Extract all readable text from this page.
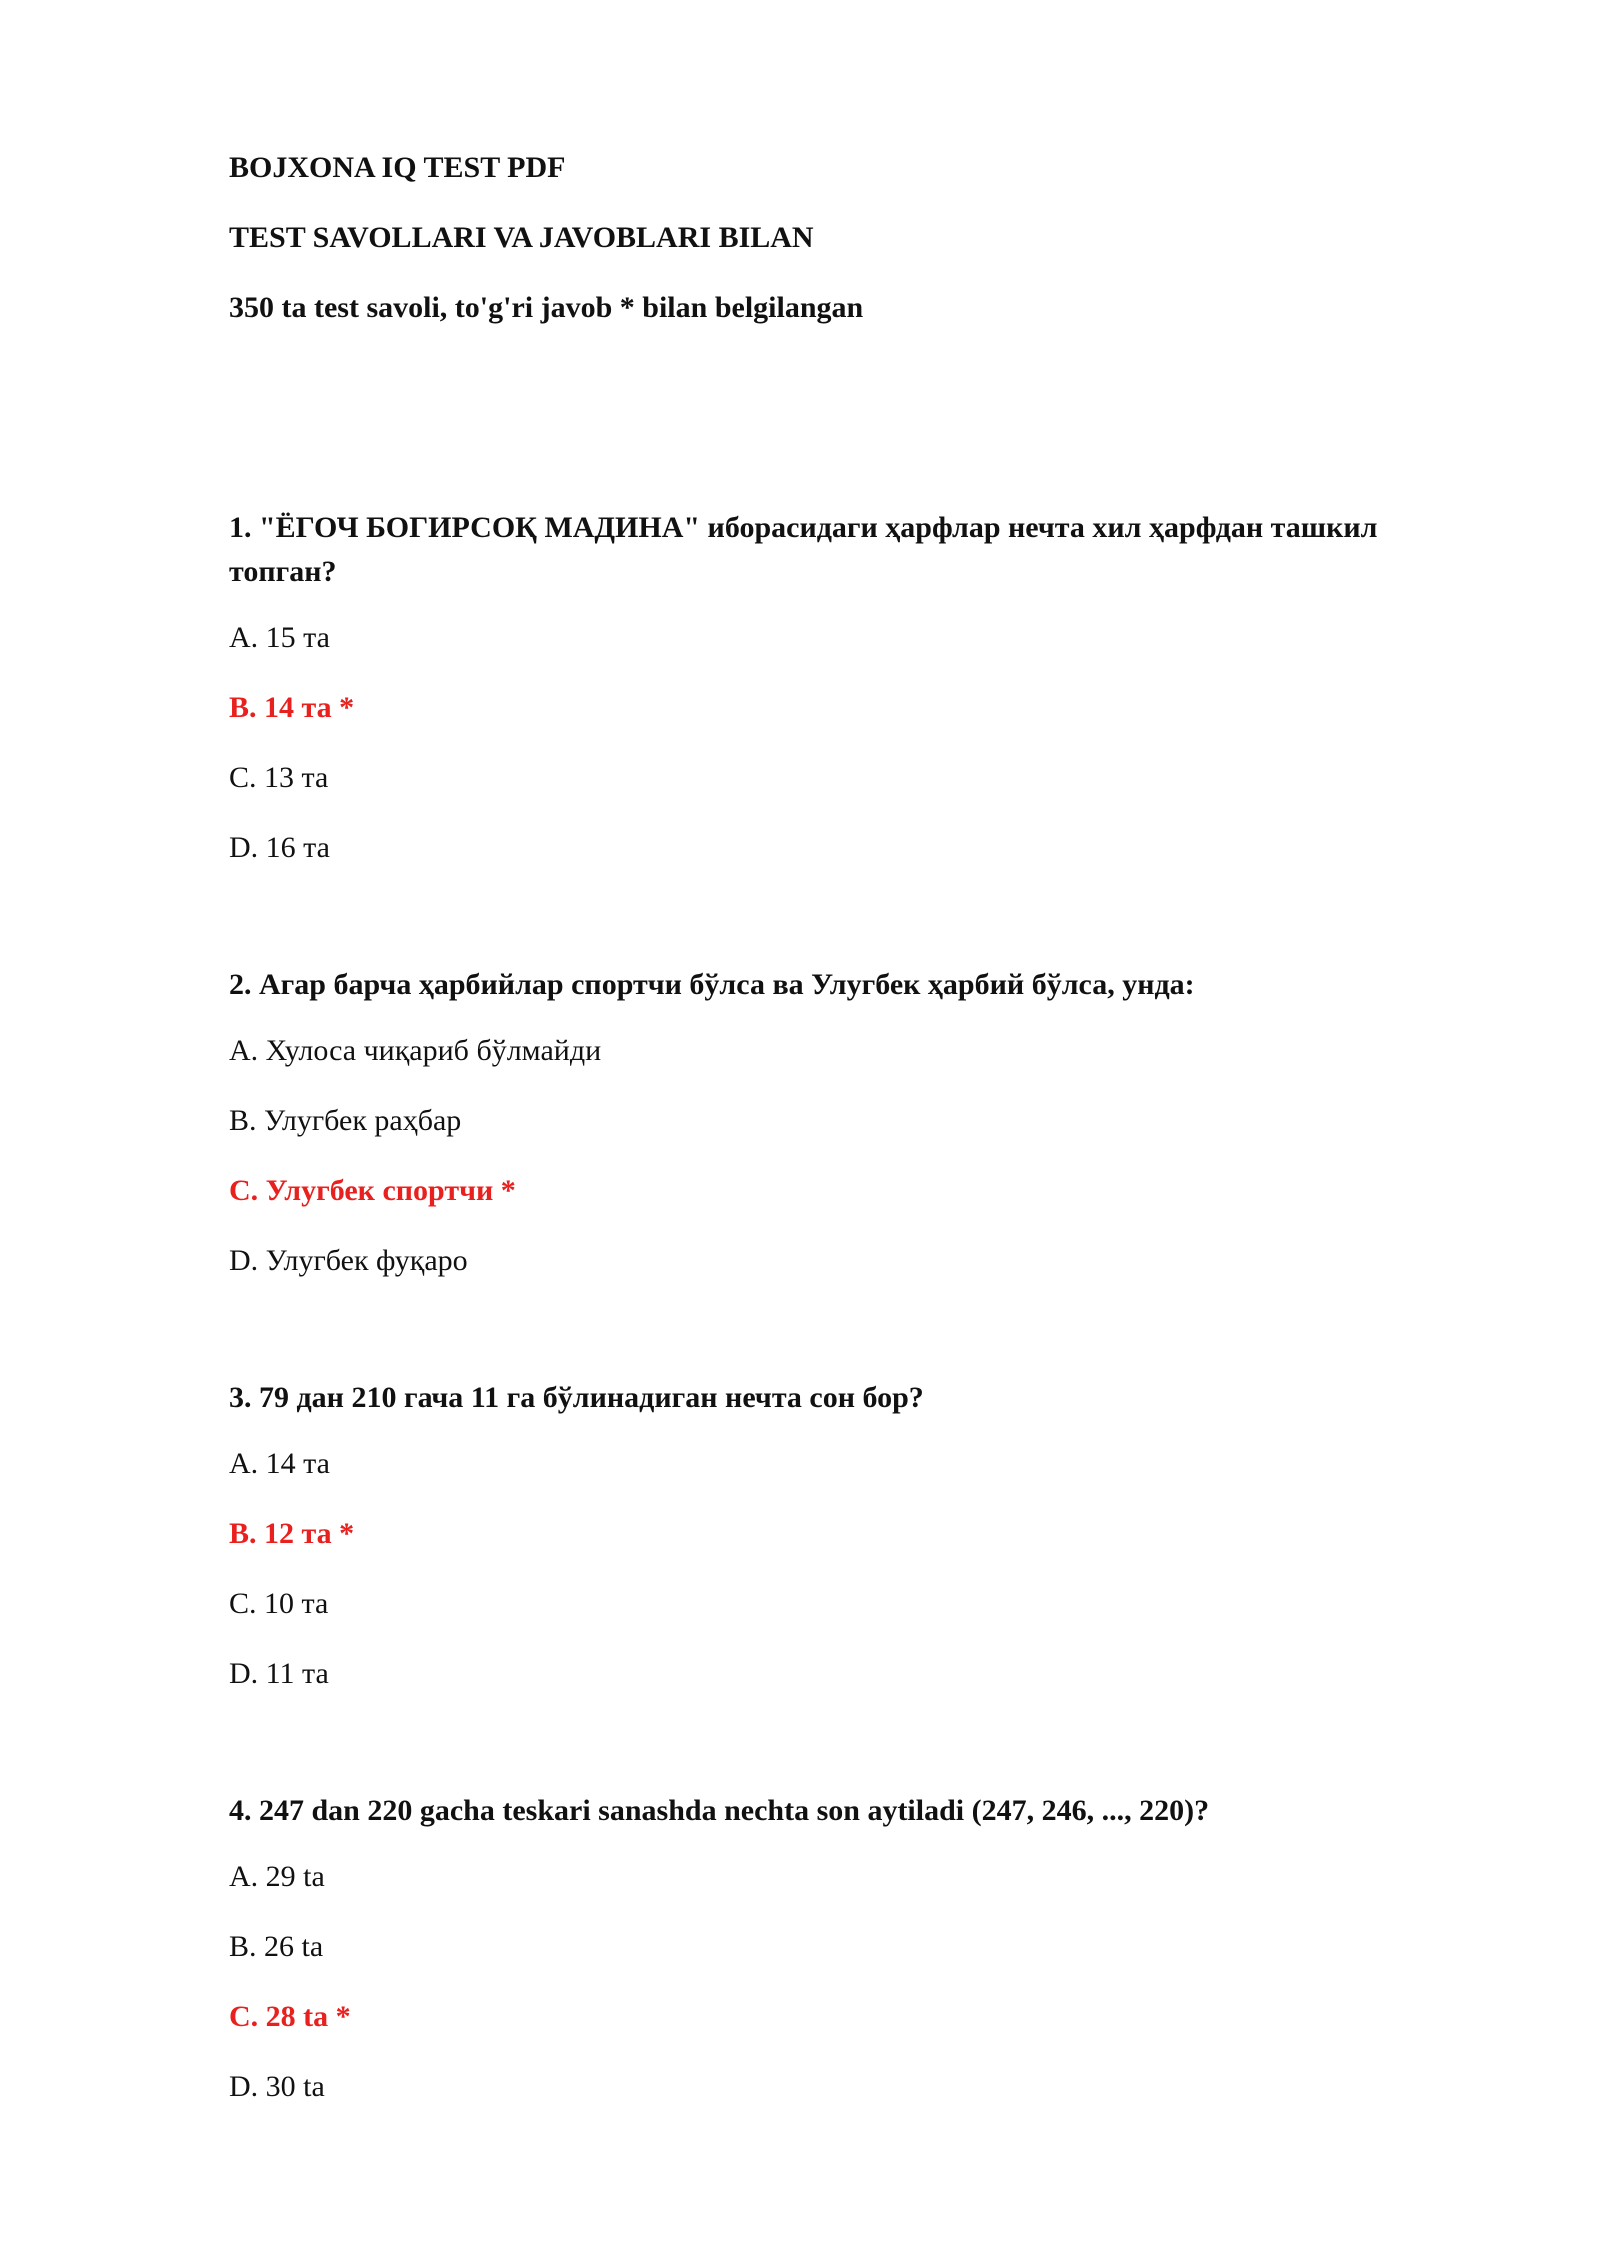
BOJXONA IQ TEST PDF
TEST SAVOLLARI VA JAVOBLARI BILAN
350 ta test savoli, to'g'ri javob * bilan belgilangan
1. "ЁГОЧ БОГИРСОҚ МАДИНА" иборасидаги ҳарфлар нечта хил ҳарфдан ташкил топган?
A. 15 та
B. 14 та *
C. 13 та
D. 16 та
2. Агар барча ҳарбийлар спортчи бўлса ва Улугбек ҳарбий бўлса, унда:
A. Хулоса чиқариб бўлмайди
B. Улугбек раҳбар
C. Улугбек спортчи *
D. Улугбек фуқаро
3. 79 дан 210 гача 11 га бўлинадиган нечта сон бор?
A. 14 та
B. 12 та *
C. 10 та
D. 11 та
4. 247 dan 220 gacha teskari sanashda nechta son aytiladi (247, 246, ..., 220)?
A. 29 ta
B. 26 ta
C. 28 ta *
D. 30 ta
